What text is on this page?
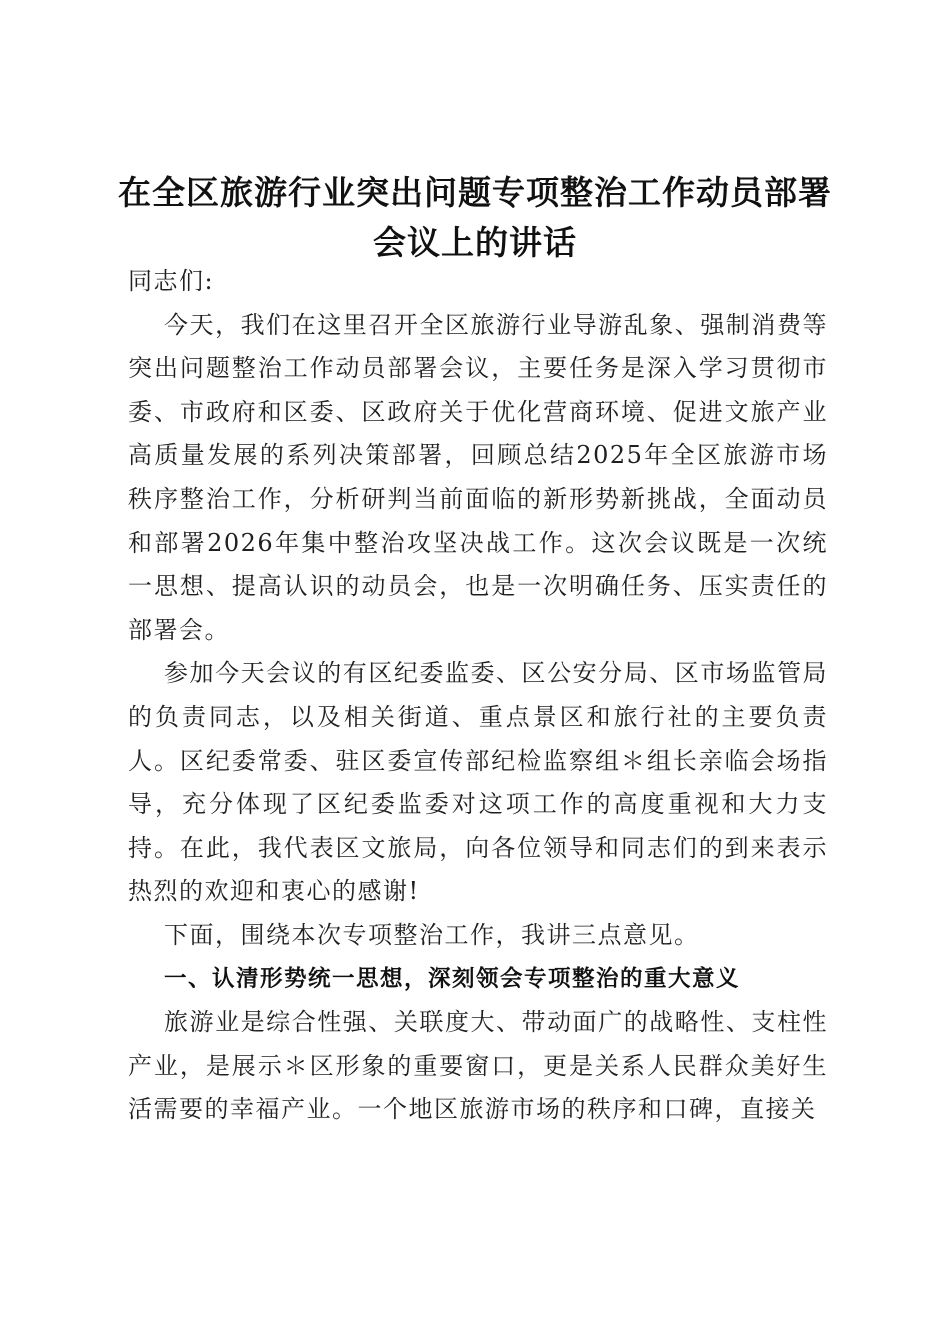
在全区旅游行业突出问题专项整治工作动员部署会议上的讲话

同志们:

今天，我们在这里召开全区旅游行业导游乱象、强制消费等突出问题整治工作动员部署会议，主要任务是深入学习贯彻市委、市政府和区委、区政府关于优化营商环境、促进文旅产业高质量发展的系列决策部署，回顾总结2025年全区旅游市场秩序整治工作，分析研判当前面临的新形势新挑战，全面动员和部署2026年集中整治攻坚决战工作。这次会议既是一次统一思想、提高认识的动员会，也是一次明确任务、压实责任的部署会。

参加今天会议的有区纪委监委、区公安分局、区市场监管局的负责同志，以及相关街道、重点景区和旅行社的主要负责人。区纪委常委、驻区委宣传部纪检监察组＊组长亲临会场指导，充分体现了区纪委监委对这项工作的高度重视和大力支持。在此，我代表区文旅局，向各位领导和同志们的到来表示热烈的欢迎和衷心的感谢!

下面，围绕本次专项整治工作，我讲三点意见。

一、认清形势统一思想，深刻领会专项整治的重大意义

旅游业是综合性强、关联度大、带动面广的战略性、支柱性产业，是展示＊区形象的重要窗口，更是关系人民群众美好生活需要的幸福产业。一个地区旅游市场的秩序和口碑，直接关
